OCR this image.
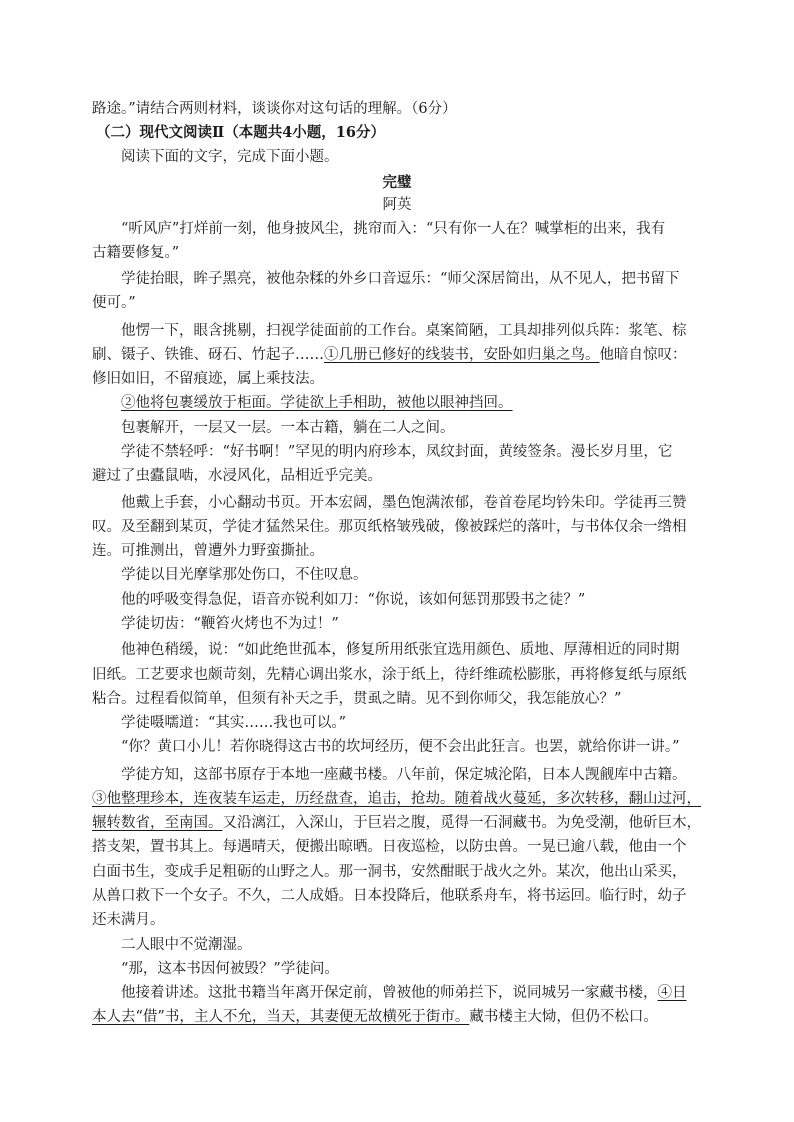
路途。”请结合两则材料，谈谈你对这句话的理解。（6分）
（二）现代文阅读Ⅱ（本题共4小题，16分）
阅读下面的文字，完成下面小题。
完璧
阿英
“听风庐”打烊前一刻，他身披风尘，挑帘而入：“只有你一人在？喊掌柜的出来，我有
古籍要修复。”
学徒抬眼，眸子黑亮，被他杂糅的外乡口音逗乐：“师父深居简出，从不见人，把书留下
便可。”
他愣一下，眼含挑剔，扫视学徒面前的工作台。桌案简陋，工具却排列似兵阵：浆笔、棕
刷、镊子、铁锥、砑石、竹起子……①几册已修好的线装书，安卧如归巢之鸟。他暗自惊叹：
修旧如旧，不留痕迹，属上乘技法。
②他将包裹缓放于柜面。学徒欲上手相助，被他以眼神挡回。
包裹解开，一层又一层。一本古籍，躺在二人之间。
学徒不禁轻呼：“好书啊！”罕见的明内府珍本，凤纹封面，黄绫签条。漫长岁月里，它
避过了虫蠹鼠啮，水浸风化，品相近乎完美。
他戴上手套，小心翻动书页。开本宏阔，墨色饱满浓郁，卷首卷尾均钤朱印。学徒再三赞
叹。及至翻到某页，学徒才猛然呆住。那页纸格皱残破，像被踩烂的落叶，与书体仅余一绺相
连。可推测出，曾遭外力野蛮撕扯。
学徒以目光摩挲那处伤口，不住叹息。
他的呼吸变得急促，语音亦锐利如刀：“你说，该如何惩罚那毁书之徒？”
学徒切齿：“鞭笞火烤也不为过！”
他神色稍缓，说：“如此绝世孤本，修复所用纸张宜选用颜色、质地、厚薄相近的同时期
旧纸。工艺要求也颇苛刻，先精心调出浆水，涂于纸上，待纤维疏松膨胀，再将修复纸与原纸
粘合。过程看似简单，但须有补天之手，贯虱之睛。见不到你师父，我怎能放心？”
学徒嗫嚅道：“其实……我也可以。”
“你？黄口小儿！若你晓得这古书的坎坷经历，便不会出此狂言。也罢，就给你讲一讲。”
学徒方知，这部书原存于本地一座藏书楼。八年前，保定城沦陷，日本人觊觎库中古籍。
③他整理珍本，连夜装车运走，历经盘查，追击，抢劫。随着战火蔓延，多次转移，翻山过河，
辗转数省，至南国。又沿漓江，入深山，于巨岩之腹，觅得一石洞藏书。为免受潮，他斫巨木，
搭支架，置书其上。每遇晴天，便搬出晾晒。日夜巡检，以防虫兽。一晃已逾八载，他由一个
白面书生，变成手足粗砺的山野之人。那一洞书，安然酣眠于战火之外。某次，他出山采买，
从兽口救下一个女子。不久，二人成婚。日本投降后，他联系舟车，将书运回。临行时，幼子
还未满月。
二人眼中不觉潮湿。
“那，这本书因何被毁？”学徒问。
他接着讲述。这批书籍当年离开保定前，曾被他的师弟拦下，说同城另一家藏书楼，④日
本人去“借”书，主人不允，当天，其妻便无故横死于街市。藏书楼主大恸，但仍不松口。
